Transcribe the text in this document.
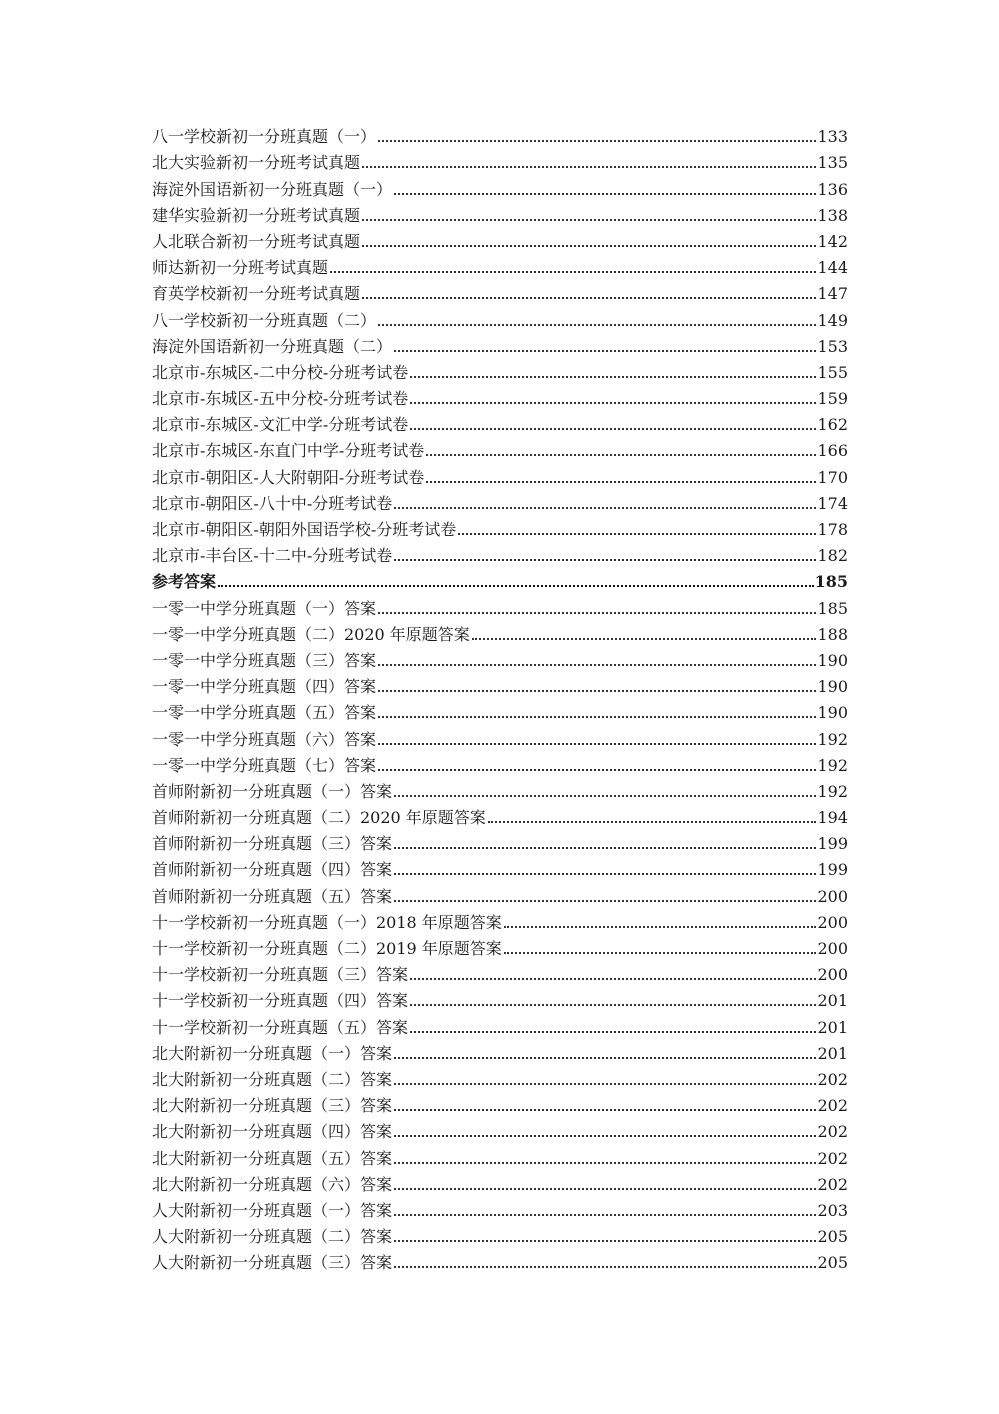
八一学校新初一分班真题（一）	133
北大实验新初一分班考试真题	135
海淀外国语新初一分班真题（一）	136
建华实验新初一分班考试真题	138
人北联合新初一分班考试真题	142
师达新初一分班考试真题	144
育英学校新初一分班考试真题	147
八一学校新初一分班真题（二）	149
海淀外国语新初一分班真题（二）	153
北京市-东城区-二中分校-分班考试卷	155
北京市-东城区-五中分校-分班考试卷	159
北京市-东城区-文汇中学-分班考试卷	162
北京市-东城区-东直门中学-分班考试卷	166
北京市-朝阳区-人大附朝阳-分班考试卷	170
北京市-朝阳区-八十中-分班考试卷	174
北京市-朝阳区-朝阳外国语学校-分班考试卷	178
北京市-丰台区-十二中-分班考试卷	182
参考答案	185
一零一中学分班真题（一）答案	185
一零一中学分班真题（二）2020 年原题答案	188
一零一中学分班真题（三）答案	190
一零一中学分班真题（四）答案	190
一零一中学分班真题（五）答案	190
一零一中学分班真题（六）答案	192
一零一中学分班真题（七）答案	192
首师附新初一分班真题（一）答案	192
首师附新初一分班真题（二）2020 年原题答案	194
首师附新初一分班真题（三）答案	199
首师附新初一分班真题（四）答案	199
首师附新初一分班真题（五）答案	200
十一学校新初一分班真题（一）2018 年原题答案	200
十一学校新初一分班真题（二）2019 年原题答案	200
十一学校新初一分班真题（三）答案	200
十一学校新初一分班真题（四）答案	201
十一学校新初一分班真题（五）答案	201
北大附新初一分班真题（一）答案	201
北大附新初一分班真题（二）答案	202
北大附新初一分班真题（三）答案	202
北大附新初一分班真题（四）答案	202
北大附新初一分班真题（五）答案	202
北大附新初一分班真题（六）答案	202
人大附新初一分班真题（一）答案	203
人大附新初一分班真题（二）答案	205
人大附新初一分班真题（三）答案	205
